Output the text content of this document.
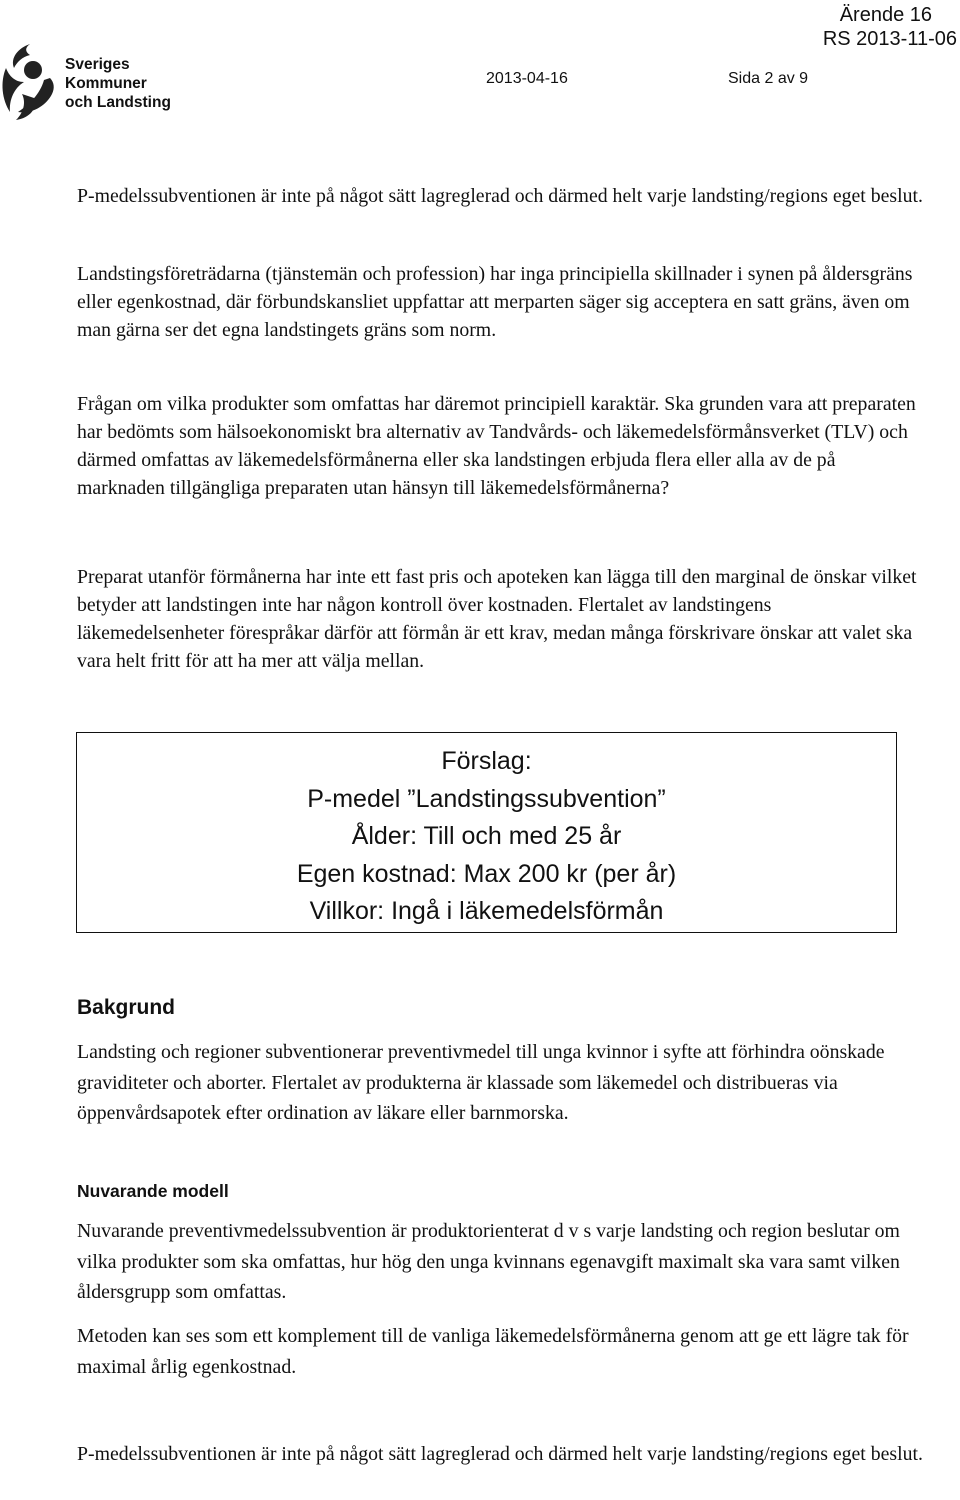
Ärende 16
RS 2013-11-06
Sveriges
Kommuner
och Landsting
2013-04-16	Sida 2 av 9

P-medelssubventionen är inte på något sätt lagreglerad och därmed helt varje landsting/regions eget beslut.

Landstingsföreträdarna (tjänstemän och profession) har inga principiella skillnader i synen på åldersgräns eller egenkostnad, där förbundskansliet uppfattar att merparten säger sig acceptera en satt gräns, även om man gärna ser det egna landstingets gräns som norm.

Frågan om vilka produkter som omfattas har däremot principiell karaktär. Ska grunden vara att preparaten har bedömts som hälsoekonomiskt bra alternativ av Tandvårds- och läkemedelsförmånsverket (TLV) och därmed omfattas av läkemedelsförmånerna eller ska landstingen erbjuda flera eller alla av de på marknaden tillgängliga preparaten utan hänsyn till läkemedelsförmånerna?

Preparat utanför förmånerna har inte ett fast pris och apoteken kan lägga till den marginal de önskar vilket betyder att landstingen inte har någon kontroll över kostnaden. Flertalet av landstingens läkemedelsenheter förespråkar därför att förmån är ett krav, medan många förskrivare önskar att valet ska vara helt fritt för att ha mer att välja mellan.

Förslag:
P-medel ”Landstingssubvention”
Ålder: Till och med 25 år
Egen kostnad: Max 200 kr (per år)
Villkor: Ingå i läkemedelsförmån
Bakgrund

Landsting och regioner subventionerar preventivmedel till unga kvinnor i syfte att förhindra oönskade graviditeter och aborter. Flertalet av produkterna är klassade som läkemedel och distribueras via öppenvårdsapotek efter ordination av läkare eller barnmorska.

Nuvarande modell

Nuvarande preventivmedelssubvention är produktorienterat d v s varje landsting och region beslutar om vilka produkter som ska omfattas, hur hög den unga kvinnans egenavgift maximalt ska vara samt vilken åldersgrupp som omfattas.

Metoden kan ses som ett komplement till de vanliga läkemedelsförmånerna genom att ge ett lägre tak för maximal årlig egenkostnad.

P-medelssubventionen är inte på något sätt lagreglerad och därmed helt varje landsting/regions eget beslut.
